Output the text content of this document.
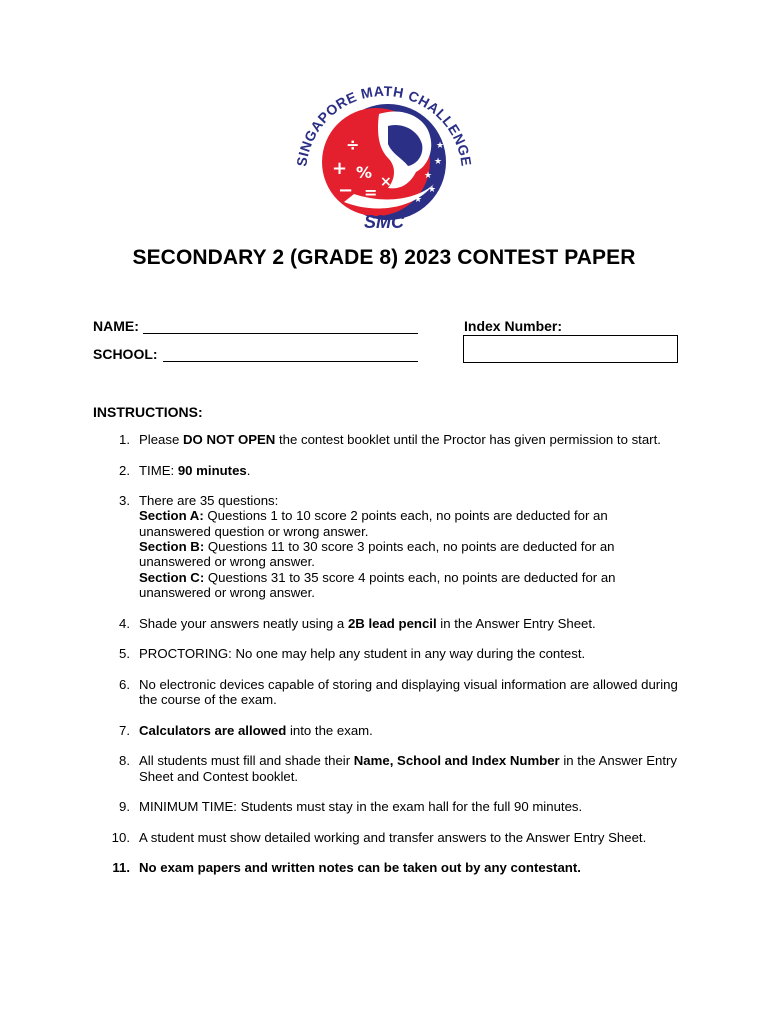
★
★
★
★
★
÷
+ %
− =
×
SINGAPORE MATH CHALLENGE
SMC
SECONDARY 2 (GRADE 8) 2023 CONTEST PAPER
NAME:
SCHOOL:
Index Number:
INSTRUCTIONS:
1. Please DO NOT OPEN the contest booklet until the Proctor has given permission to start.
2. TIME: 90 minutes.
3. There are 35 questions:
Section A: Questions 1 to 10 score 2 points each, no points are deducted for an unanswered question or wrong answer.
Section B: Questions 11 to 30 score 3 points each, no points are deducted for an unanswered or wrong answer.
Section C: Questions 31 to 35 score 4 points each, no points are deducted for an unanswered or wrong answer.
4. Shade your answers neatly using a 2B lead pencil in the Answer Entry Sheet.
5. PROCTORING: No one may help any student in any way during the contest.
6. No electronic devices capable of storing and displaying visual information are allowed during the course of the exam.
7. Calculators are allowed into the exam.
8. All students must fill and shade their Name, School and Index Number in the Answer Entry Sheet and Contest booklet.
9. MINIMUM TIME: Students must stay in the exam hall for the full 90 minutes.
10. A student must show detailed working and transfer answers to the Answer Entry Sheet.
11. No exam papers and written notes can be taken out by any contestant.
